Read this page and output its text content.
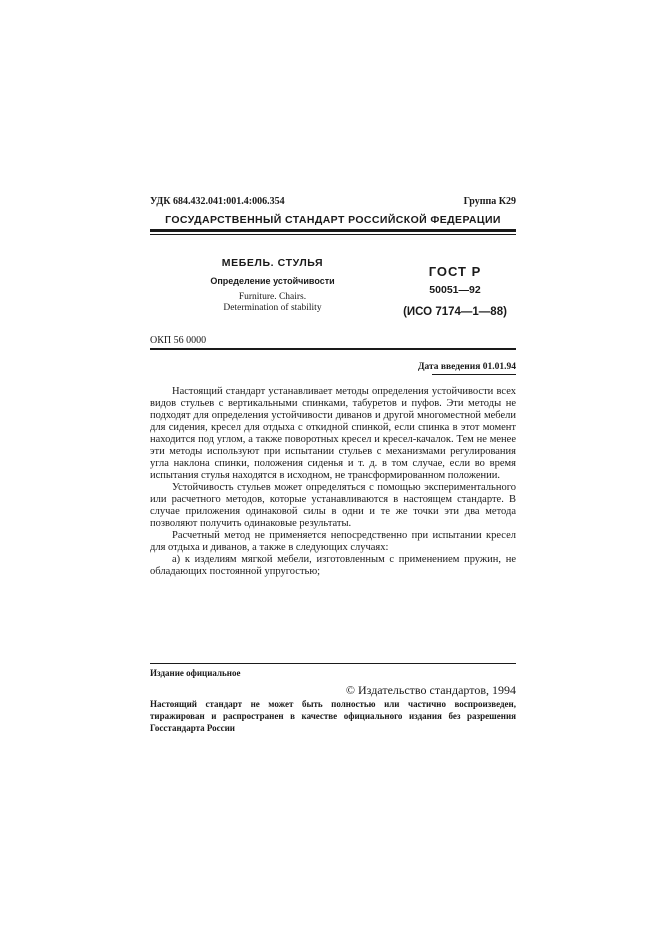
УДК 684.432.041:001.4:006.354	Группа К29
ГОСУДАРСТВЕННЫЙ СТАНДАРТ РОССИЙСКОЙ ФЕДЕРАЦИИ
МЕБЕЛЬ. СТУЛЬЯ
Определение устойчивости
Furniture. Chairs.
Determination of stability
ГОСТ Р
50051—92
(ИСО 7174—1—88)
ОКП 56 0000
Дата введения 01.01.94

Настоящий стандарт устанавливает методы определения устойчивости всех видов стульев с вертикальными спинками, табуретов и пуфов. Эти методы не подходят для определения устойчивости диванов и другой многоместной мебели для сидения, кресел для отдыха с откидной спинкой, если спинка в этот момент находится под углом, а также поворотных кресел и кресел-качалок. Тем не менее эти методы используют при испытании стульев с механизмами регулирования угла наклона спинки, положения сиденья и т. д. в том случае, если во время испытания стулья находятся в исходном, не трансформированном положении.

Устойчивость стульев может определяться с помощью экспериментального или расчетного методов, которые устанавливаются в настоящем стандарте. В случае приложения одинаковой силы в одни и те же точки эти два метода позволяют получить одинаковые результаты.

Расчетный метод не применяется непосредственно при испытании кресел для отдыха и диванов, а также в следующих случаях:

а) к изделиям мягкой мебели, изготовленным с применением пружин, не обладающих постоянной упругостью;

Издание официальное
© Издательство стандартов, 1994

Настоящий стандарт не может быть полностью или частично воспроизведен, тиражирован и распространен в качестве официального издания без разрешения Госстандарта России
